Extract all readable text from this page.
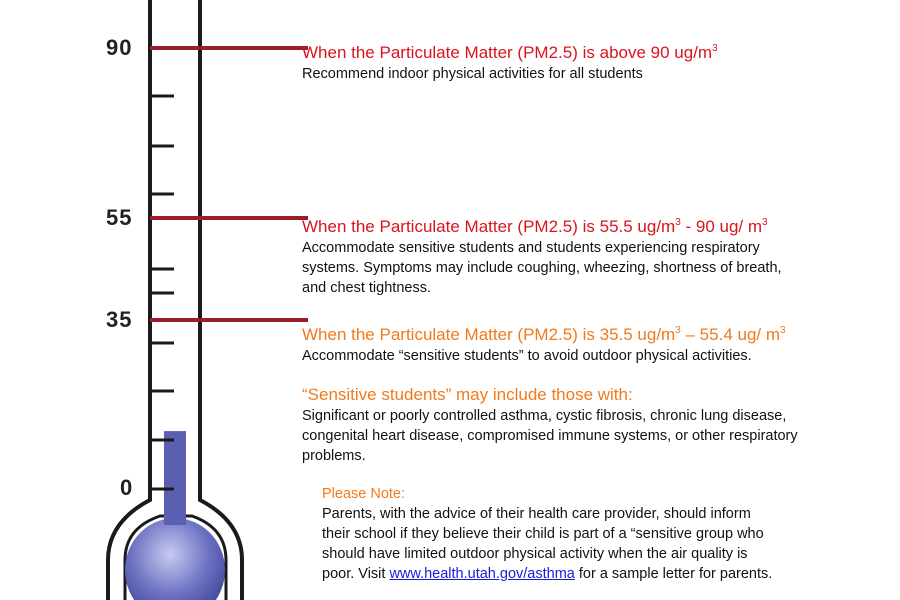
90
55
35
0
When the Particulate Matter (PM2.5) is above 90 $ug/m^3$
Recommend indoor physical activities for all students
When the Particulate Matter (PM2.5) is 55.5 $ug/m^3 - 90$ ug/ $m^3$
Accommodate sensitive students and students experiencing respiratory
systems. Symptoms may include coughing, wheezing, shortness of breath,
and chest tightness.
When the Particulate Matter (PM2.5) is 35.5 $ug/m^3 - 55.4$ ug/ $m^3$
Accommodate “sensitive students” to avoid outdoor physical activities.
“Sensitive students” may include those with:
Significant or poorly controlled asthma, cystic fibrosis, chronic lung disease,
congenital heart disease, compromised immune systems, or other respiratory
problems.
Please Note:
Parents, with the advice of their health care provider, should inform
their school if they believe their child is part of a “sensitive group who
should have limited outdoor physical activity when the air quality is
poor. Visit www.health.utah.gov/asthma for a sample letter for parents.
